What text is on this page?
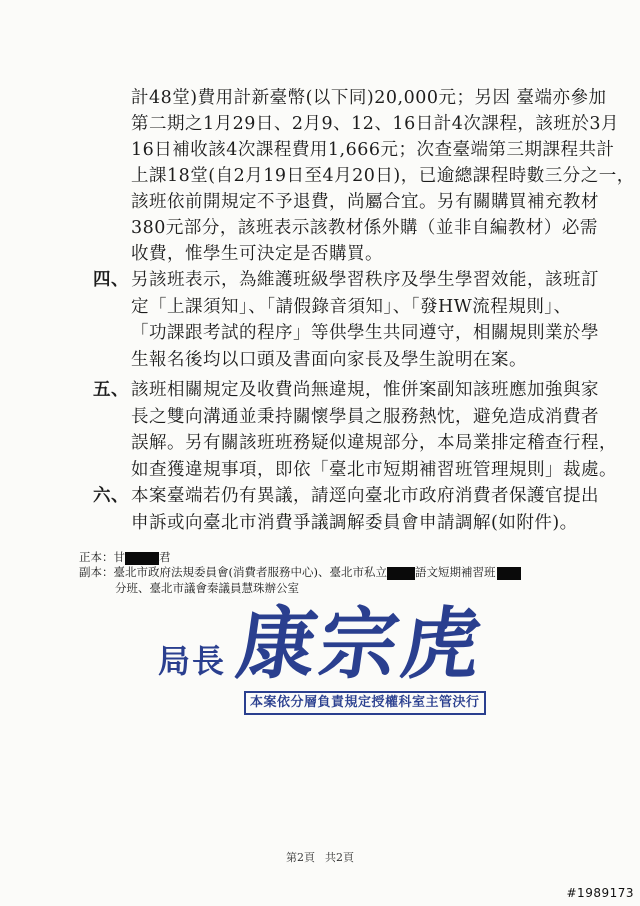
計48堂)費用計新臺幣(以下同)20,000元；另因 臺端亦參加
第二期之1月29日、2月9、12、16日計4次課程，該班於3月
16日補收該4次課程費用1,666元；次查臺端第三期課程共計
上課18堂(自2月19日至4月20日)，已逾總課程時數三分之一，
該班依前開規定不予退費，尚屬合宜。另有關購買補充教材
380元部分，該班表示該教材係外購（並非自編教材）必需
收費，惟學生可決定是否購買。
四、 另該班表示，為維護班級學習秩序及學生學習效能，該班訂
定「上課須知」、「請假錄音須知」、「發HW流程規則」、
「功課跟考試的程序」等供學生共同遵守，相關規則業於學
生報名後均以口頭及書面向家長及學生說明在案。
五、 該班相關規定及收費尚無違規，惟併案副知該班應加強與家
長之雙向溝通並秉持關懷學員之服務熱忱，避免造成消費者
誤解。另有關該班班務疑似違規部分，本局業排定稽查行程，
如查獲違規事項，即依「臺北市短期補習班管理規則」裁處。
六、 本案臺端若仍有異議，請逕向臺北市政府消費者保護官提出
申訴或向臺北市消費爭議調解委員會申請調解(如附件)。
正本：甘	君
副本：臺北市政府法規委員會(消費者服務中心)、臺北市私立 語文短期補習班
分班、臺北市議會秦議員慧珠辦公室
局長 康宗虎
本案依分層負責規定授權科室主管決行
第2頁 共2頁
#1989173
